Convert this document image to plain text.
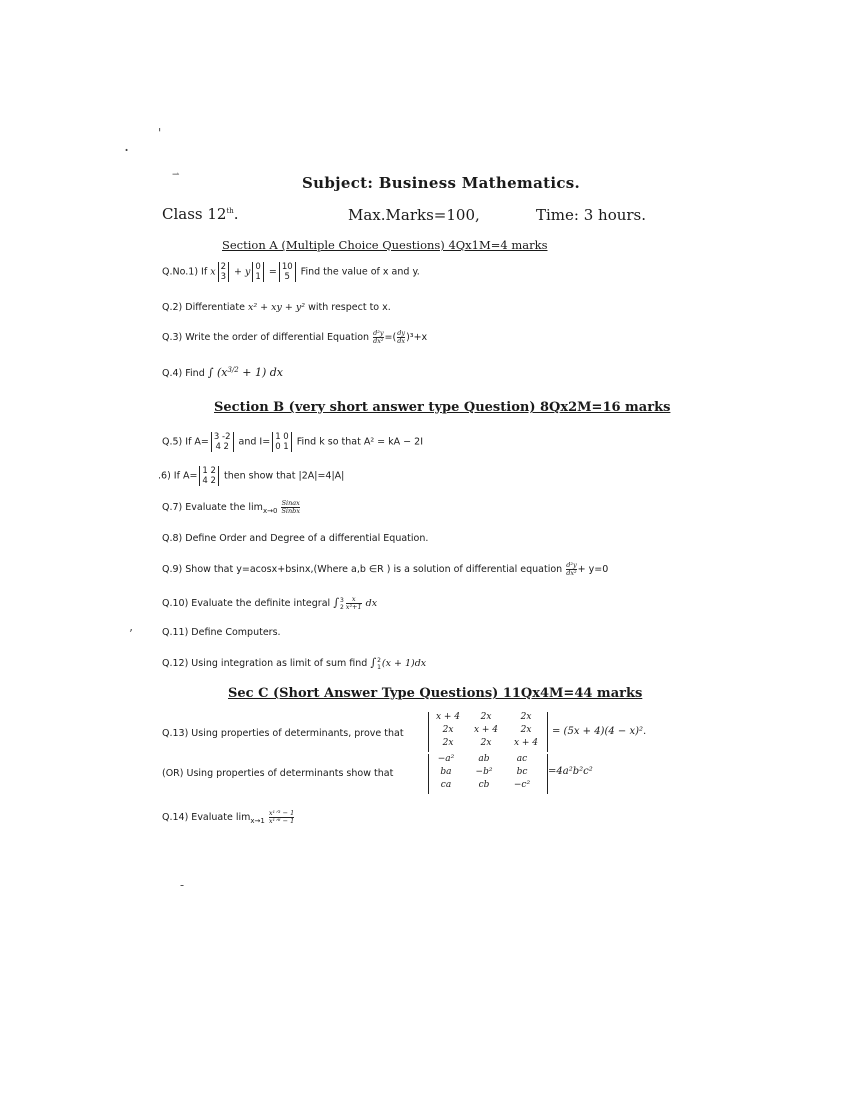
'
.
⇀
’
-
Subject: Business Mathematics.
Class 12th.	Max.Marks=100,	Time: 3 hours.
Section A (Multiple Choice Questions) 4Qx1M=4 marks
Q.No.1) If x 2
3 + y 0
1 = 10
5 Find the value of x and y.
Q.2) Differentiate x² + xy + y² with respect to x.
Q.3) Write the order of differential Equation $\frac{\text{d²y}}{\text{dx²}}$ =( $\frac{dy}{dx} )^3+x$
Q.4) Find ∫ $(x^{3/2} + 1)$ dx
Section B (very short answer type Question) 8Qx2M=16 marks
Q.5) If A= 3 -2
4 2 and I= 1 0
0 1 Find k so that A² = kA − 2I
.6) If A= 1 2
4 2 then show that |2A|=4|A|
Q.7) Evaluate the $\lim_{x\to 0} \frac{\text{Sinax}}{\text{Sinbx}}$
Q.8) Define Order and Degree of a differential Equation.
Q.9) Show that y=acosx+bsinx,(Where a,b ∈R ) is a solution of differential equation $\frac{\text{d²y}}{\text{dx²}} + y=0$
Q.10) Evaluate the definite integral ∫ 3
$2 \frac{x}{\text{x²+1}}$ dx
Q.11) Define Computers.
Q.12) Using integration as limit of sum find ∫ 2
1 (x + 1)dx
Sec C (Short Answer Type Questions) 11Qx4M=44 marks
Q.13) Using properties of determinants, prove that
x + 4	2x	2x
2x	x + 4	2x
2x	2x	x + 4
= (5x + 4)(4 − x)².
(OR) Using properties of determinants show that
−a²	ab	ac
ba	−b²	bc
ca	cb	−c²
=4a²b²c²
Q.14) Evaluate $\lim_{x\to 1} \frac{\text{x¹ᐟ³ − 1}}{\text{x¹ᐟ⁶ − 1}}$
